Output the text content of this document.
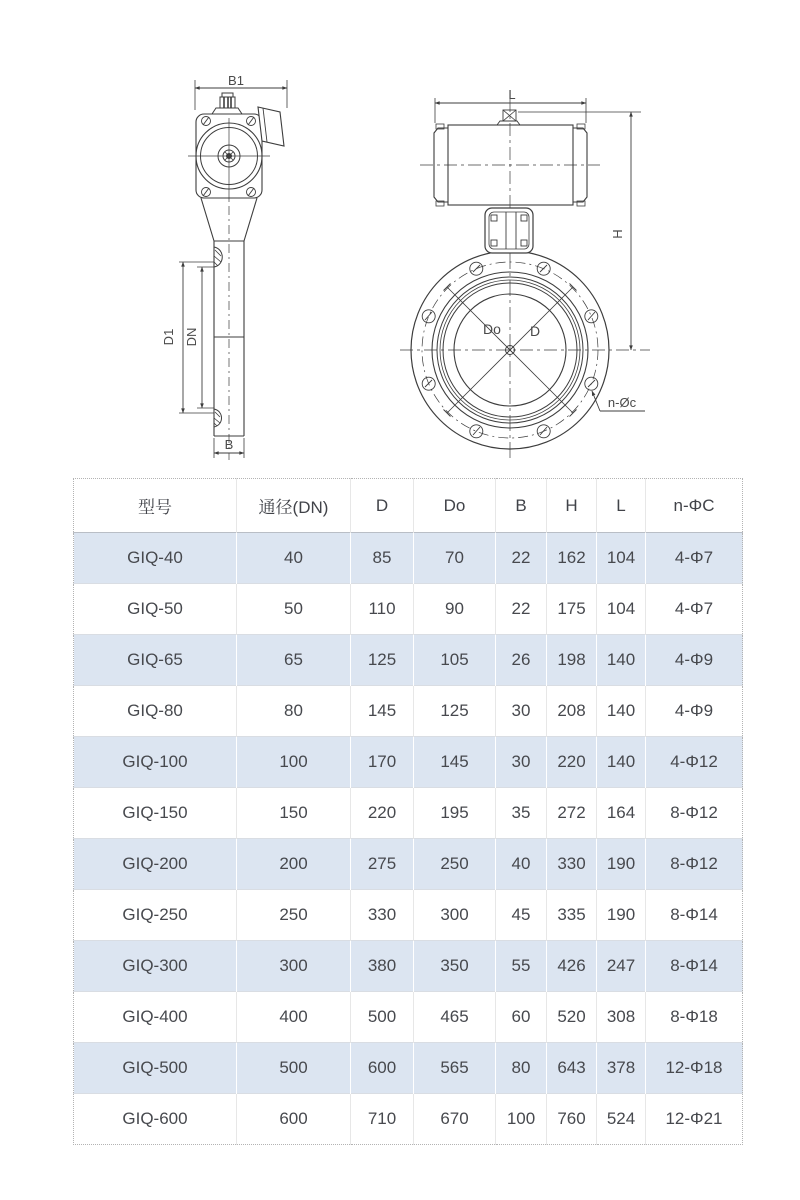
B1
D1 DN
B
Do D
L
H
n-Øc
型号	通径(DN)	D	Do	B	H	L	n-ΦC
GIQ-40	40	85	70	22	162	104	4-Φ7
GIQ-50	50	110	90	22	175	104	4-Φ7
GIQ-65	65	125	105	26	198	140	4-Φ9
GIQ-80	80	145	125	30	208	140	4-Φ9
GIQ-100	100	170	145	30	220	140	4-Φ12
GIQ-150	150	220	195	35	272	164	8-Φ12
GIQ-200	200	275	250	40	330	190	8-Φ12
GIQ-250	250	330	300	45	335	190	8-Φ14
GIQ-300	300	380	350	55	426	247	8-Φ14
GIQ-400	400	500	465	60	520	308	8-Φ18
GIQ-500	500	600	565	80	643	378	12-Φ18
GIQ-600	600	710	670	100	760	524	12-Φ21
